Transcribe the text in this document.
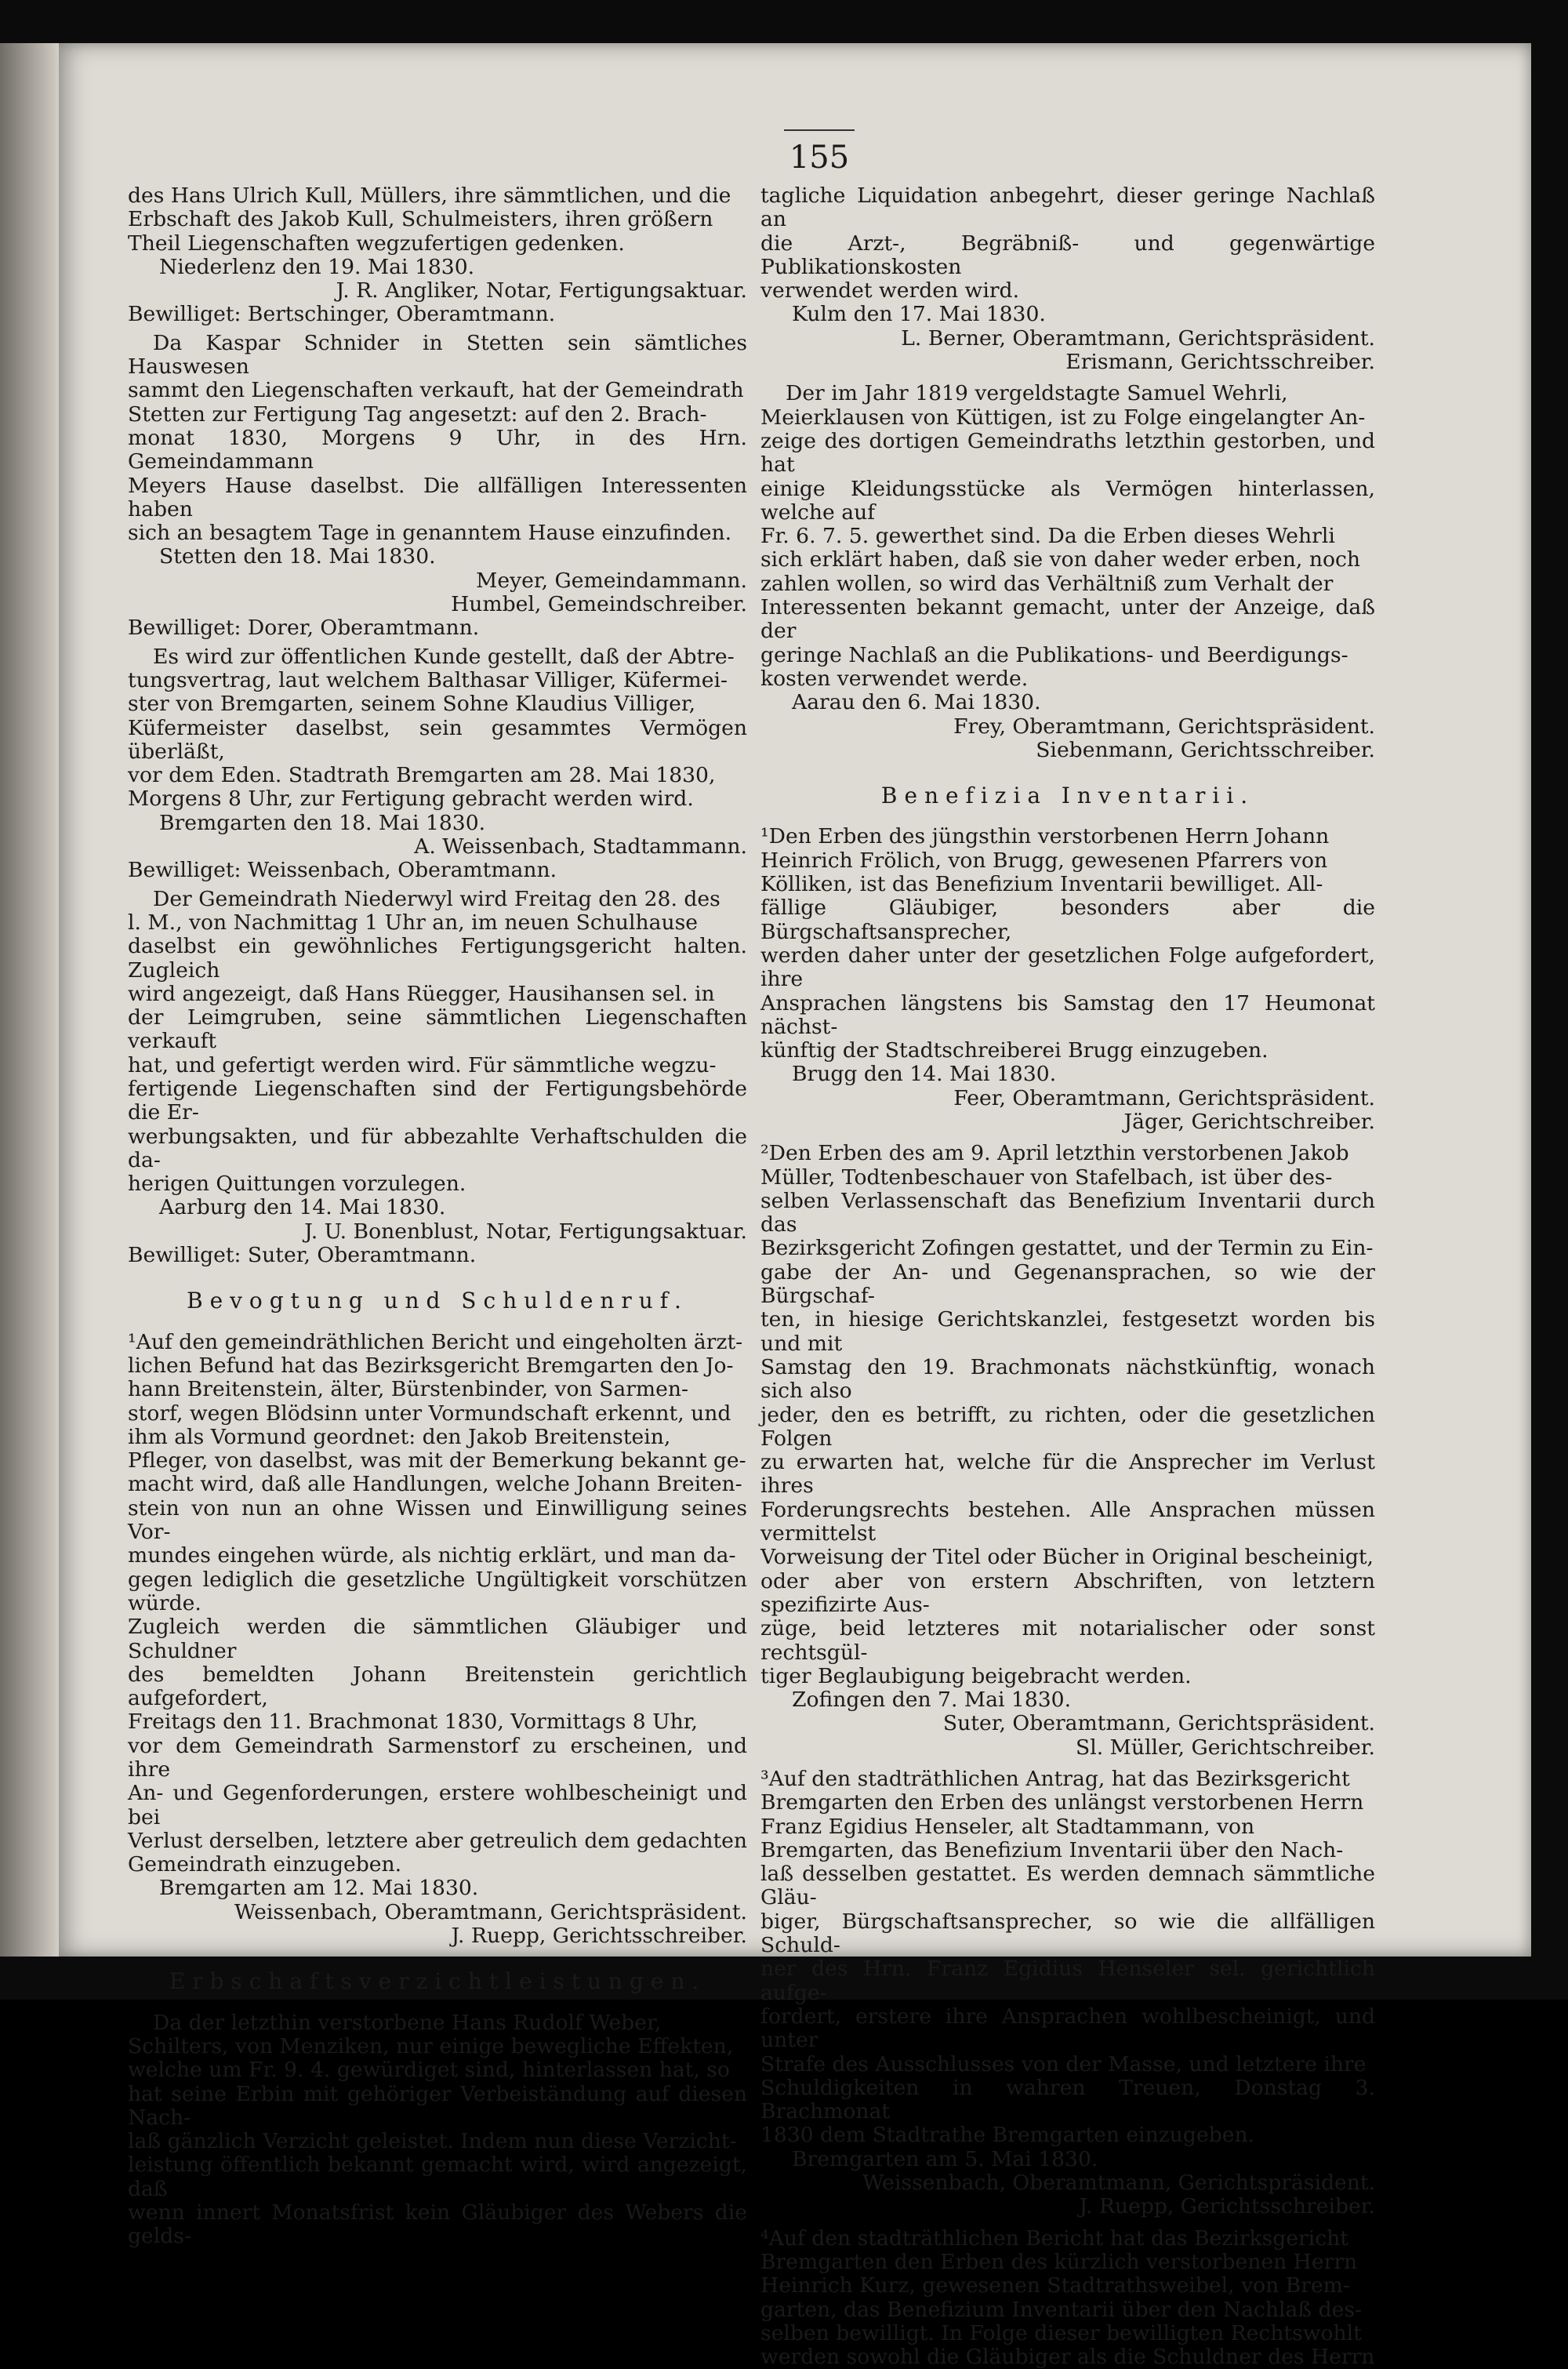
155

des Hans Ulrich Kull, Müllers, ihre sämmtlichen, und die

Erbschaft des Jakob Kull, Schulmeisters, ihren größern

Theil Liegenschaften wegzufertigen gedenken.

Niederlenz den 19. Mai 1830.

J. R. Angliker, Notar, Fertigungsaktuar.

Bewilliget: Bertschinger, Oberamtmann.

Da Kaspar Schnider in Stetten sein sämtliches Hauswesen

sammt den Liegenschaften verkauft, hat der Gemeindrath

Stetten zur Fertigung Tag angesetzt: auf den 2. Brach-

monat 1830, Morgens 9 Uhr, in des Hrn. Gemeindammann

Meyers Hause daselbst. Die allfälligen Interessenten haben

sich an besagtem Tage in genanntem Hause einzufinden.

Stetten den 18. Mai 1830.

Meyer, Gemeindammann.

Humbel, Gemeindschreiber.

Bewilliget: Dorer, Oberamtmann.

Es wird zur öffentlichen Kunde gestellt, daß der Abtre-

tungsvertrag, laut welchem Balthasar Villiger, Küfermei-

ster von Bremgarten, seinem Sohne Klaudius Villiger,

Küfermeister daselbst, sein gesammtes Vermögen überläßt,

vor dem Eden. Stadtrath Bremgarten am 28. Mai 1830,

Morgens 8 Uhr, zur Fertigung gebracht werden wird.

Bremgarten den 18. Mai 1830.

A. Weissenbach, Stadtammann.

Bewilliget: Weissenbach, Oberamtmann.

Der Gemeindrath Niederwyl wird Freitag den 28. des

l. M., von Nachmittag 1 Uhr an, im neuen Schulhause

daselbst ein gewöhnliches Fertigungsgericht halten. Zugleich

wird angezeigt, daß Hans Rüegger, Hausihansen sel. in

der Leimgruben, seine sämmtlichen Liegenschaften verkauft

hat, und gefertigt werden wird. Für sämmtliche wegzu-

fertigende Liegenschaften sind der Fertigungsbehörde die Er-

werbungsakten, und für abbezahlte Verhaftschulden die da-

herigen Quittungen vorzulegen.

Aarburg den 14. Mai 1830.

J. U. Bonenblust, Notar, Fertigungsaktuar.

Bewilliget: Suter, Oberamtmann.

Bevogtung und Schuldenruf.

¹Auf den gemeindräthlichen Bericht und eingeholten ärzt-

lichen Befund hat das Bezirksgericht Bremgarten den Jo-

hann Breitenstein, älter, Bürstenbinder, von Sarmen-

storf, wegen Blödsinn unter Vormundschaft erkennt, und

ihm als Vormund geordnet: den Jakob Breitenstein,

Pfleger, von daselbst, was mit der Bemerkung bekannt ge-

macht wird, daß alle Handlungen, welche Johann Breiten-

stein von nun an ohne Wissen und Einwilligung seines Vor-

mundes eingehen würde, als nichtig erklärt, und man da-

gegen lediglich die gesetzliche Ungültigkeit vorschützen würde.

Zugleich werden die sämmtlichen Gläubiger und Schuldner

des bemeldten Johann Breitenstein gerichtlich aufgefordert,

Freitags den 11. Brachmonat 1830, Vormittags 8 Uhr,

vor dem Gemeindrath Sarmenstorf zu erscheinen, und ihre

An- und Gegenforderungen, erstere wohlbescheinigt und bei

Verlust derselben, letztere aber getreulich dem gedachten

Gemeindrath einzugeben.

Bremgarten am 12. Mai 1830.

Weissenbach, Oberamtmann, Gerichtspräsident.

J. Ruepp, Gerichtsschreiber.

Erbschaftsverzichtleistungen.

Da der letzthin verstorbene Hans Rudolf Weber,

Schilters, von Menziken, nur einige bewegliche Effekten,

welche um Fr. 9. 4. gewürdiget sind, hinterlassen hat, so

hat seine Erbin mit gehöriger Verbeiständung auf diesen Nach-

laß gänzlich Verzicht geleistet. Indem nun diese Verzicht-

leistung öffentlich bekannt gemacht wird, wird angezeigt, daß

wenn innert Monatsfrist kein Gläubiger des Webers die gelds-

tagliche Liquidation anbegehrt, dieser geringe Nachlaß an

die Arzt-, Begräbniß- und gegenwärtige Publikationskosten

verwendet werden wird.

Kulm den 17. Mai 1830.

L. Berner, Oberamtmann, Gerichtspräsident.

Erismann, Gerichtsschreiber.

Der im Jahr 1819 vergeldstagte Samuel Wehrli,

Meierklausen von Küttigen, ist zu Folge eingelangter An-

zeige des dortigen Gemeindraths letzthin gestorben, und hat

einige Kleidungsstücke als Vermögen hinterlassen, welche auf

Fr. 6. 7. 5. gewerthet sind. Da die Erben dieses Wehrli

sich erklärt haben, daß sie von daher weder erben, noch

zahlen wollen, so wird das Verhältniß zum Verhalt der

Interessenten bekannt gemacht, unter der Anzeige, daß der

geringe Nachlaß an die Publikations- und Beerdigungs-

kosten verwendet werde.

Aarau den 6. Mai 1830.

Frey, Oberamtmann, Gerichtspräsident.

Siebenmann, Gerichtsschreiber.

Benefizia Inventarii.

¹Den Erben des jüngsthin verstorbenen Herrn Johann

Heinrich Frölich, von Brugg, gewesenen Pfarrers von

Kölliken, ist das Benefizium Inventarii bewilliget. All-

fällige Gläubiger, besonders aber die Bürgschaftsansprecher,

werden daher unter der gesetzlichen Folge aufgefordert, ihre

Ansprachen längstens bis Samstag den 17 Heumonat nächst-

künftig der Stadtschreiberei Brugg einzugeben.

Brugg den 14. Mai 1830.

Feer, Oberamtmann, Gerichtspräsident.

Jäger, Gerichtschreiber.

²Den Erben des am 9. April letzthin verstorbenen Jakob

Müller, Todtenbeschauer von Stafelbach, ist über des-

selben Verlassenschaft das Benefizium Inventarii durch das

Bezirksgericht Zofingen gestattet, und der Termin zu Ein-

gabe der An- und Gegenansprachen, so wie der Bürgschaf-

ten, in hiesige Gerichtskanzlei, festgesetzt worden bis und mit

Samstag den 19. Brachmonats nächstkünftig, wonach sich also

jeder, den es betrifft, zu richten, oder die gesetzlichen Folgen

zu erwarten hat, welche für die Ansprecher im Verlust ihres

Forderungsrechts bestehen. Alle Ansprachen müssen vermittelst

Vorweisung der Titel oder Bücher in Original bescheinigt,

oder aber von erstern Abschriften, von letztern spezifizirte Aus-

züge, beid letzteres mit notarialischer oder sonst rechtsgül-

tiger Beglaubigung beigebracht werden.

Zofingen den 7. Mai 1830.

Suter, Oberamtmann, Gerichtspräsident.

Sl. Müller, Gerichtschreiber.

³Auf den stadträthlichen Antrag, hat das Bezirksgericht

Bremgarten den Erben des unlängst verstorbenen Herrn

Franz Egidius Henseler, alt Stadtammann, von

Bremgarten, das Benefizium Inventarii über den Nach-

laß desselben gestattet. Es werden demnach sämmtliche Gläu-

biger, Bürgschaftsansprecher, so wie die allfälligen Schuld-

ner des Hrn. Franz Egidius Henseler sel. gerichtlich aufge-

fordert, erstere ihre Ansprachen wohlbescheinigt, und unter

Strafe des Ausschlusses von der Masse, und letztere ihre

Schuldigkeiten in wahren Treuen, Donstag 3. Brachmonat

1830 dem Stadtrathe Bremgarten einzugeben.

Bremgarten am 5. Mai 1830.

Weissenbach, Oberamtmann, Gerichtspräsident.

J. Ruepp, Gerichtsschreiber.

⁴Auf den stadträthlichen Bericht hat das Bezirksgericht

Bremgarten den Erben des kürzlich verstorbenen Herrn

Heinrich Kurz, gewesenen Stadtrathsweibel, von Brem-

garten, das Benefizium Inventarii über den Nachlaß des-

selben bewilligt. In Folge dieser bewilligten Rechtswohlt

werden sowohl die Gläubiger als die Schuldner des Herrn
